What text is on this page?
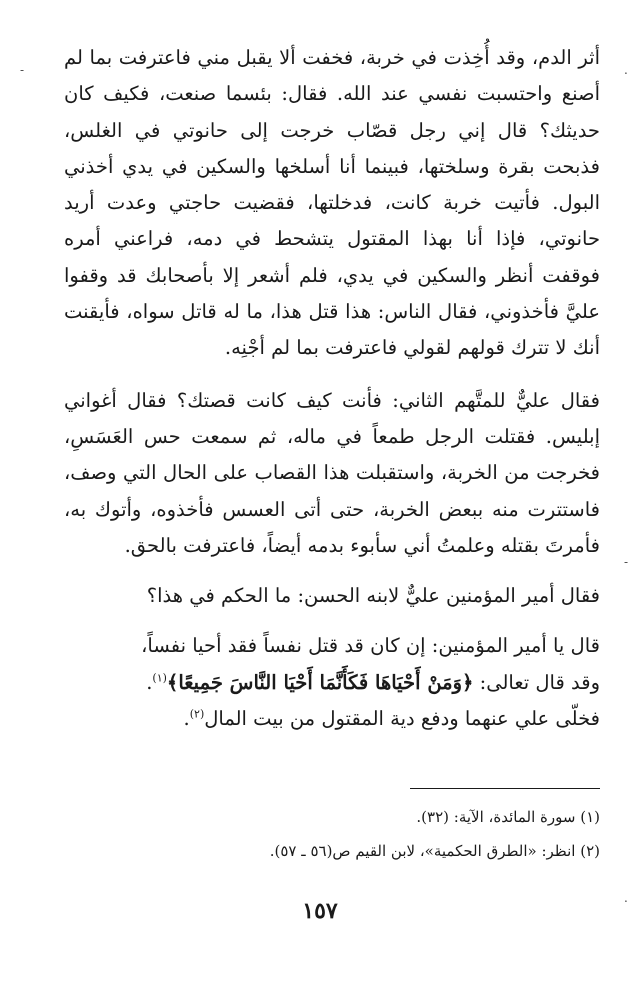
أثر الدم، وقد أُخِذت في خربة، فخفت ألا يقبل مني فاعترفت بما لم أصنع واحتسبت نفسي عند الله. فقال: بئسما صنعت، فكيف كان حديثك؟ قال إني رجل قصّاب خرجت إلى حانوتي في الغلس، فذبحت بقرة وسلختها، فبينما أنا أسلخها والسكين في يدي أخذني البول. فأتيت خربة كانت، فدخلتها، فقضيت حاجتي وعدت أريد حانوتي، فإذا أنا بهذا المقتول يتشحط في دمه، فراعني أمره فوقفت أنظر والسكين في يدي، فلم أشعر إلا بأصحابك قد وقفوا عليَّ فأخذوني، فقال الناس: هذا قتل هذا، ما له قاتل سواه، فأيقنت أنك لا تترك قولهم لقولي فاعترفت بما لم أجْنِه.

فقال عليٌّ للمتَّهم الثاني: فأنت كيف كانت قصتك؟ فقال أغواني إبليس. فقتلت الرجل طمعاً في ماله، ثم سمعت حس العَسَسِ، فخرجت من الخربة، واستقبلت هذا القصاب على الحال التي وصف، فاستترت منه ببعض الخربة، حتى أتى العسس فأخذوه، وأتوك به، فأمرتَ بقتله وعلمتُ أني سأبوء بدمه أيضاً، فاعترفت بالحق.

فقال أمير المؤمنين عليٌّ لابنه الحسن: ما الحكم في هذا؟

قال يا أمير المؤمنين: إن كان قد قتل نفساً فقد أحيا نفساً،
وقد قال تعالى: ﴿وَمَنْ أَحْيَاهَا فَكَأَنَّمَا أَحْيَا النَّاسَ جَمِيعًا﴾$^{(١)}$.
فخلّى علي عنهما ودفع دية المقتول من بيت المال$^{(٢)}$.

(١) سورة المائدة، الآية: (٣٢).

(٢) انظر: «الطرق الحكمية»، لابن القيم ص(٥٦ ـ ٥٧).

١٥٧
-	.
-
.
